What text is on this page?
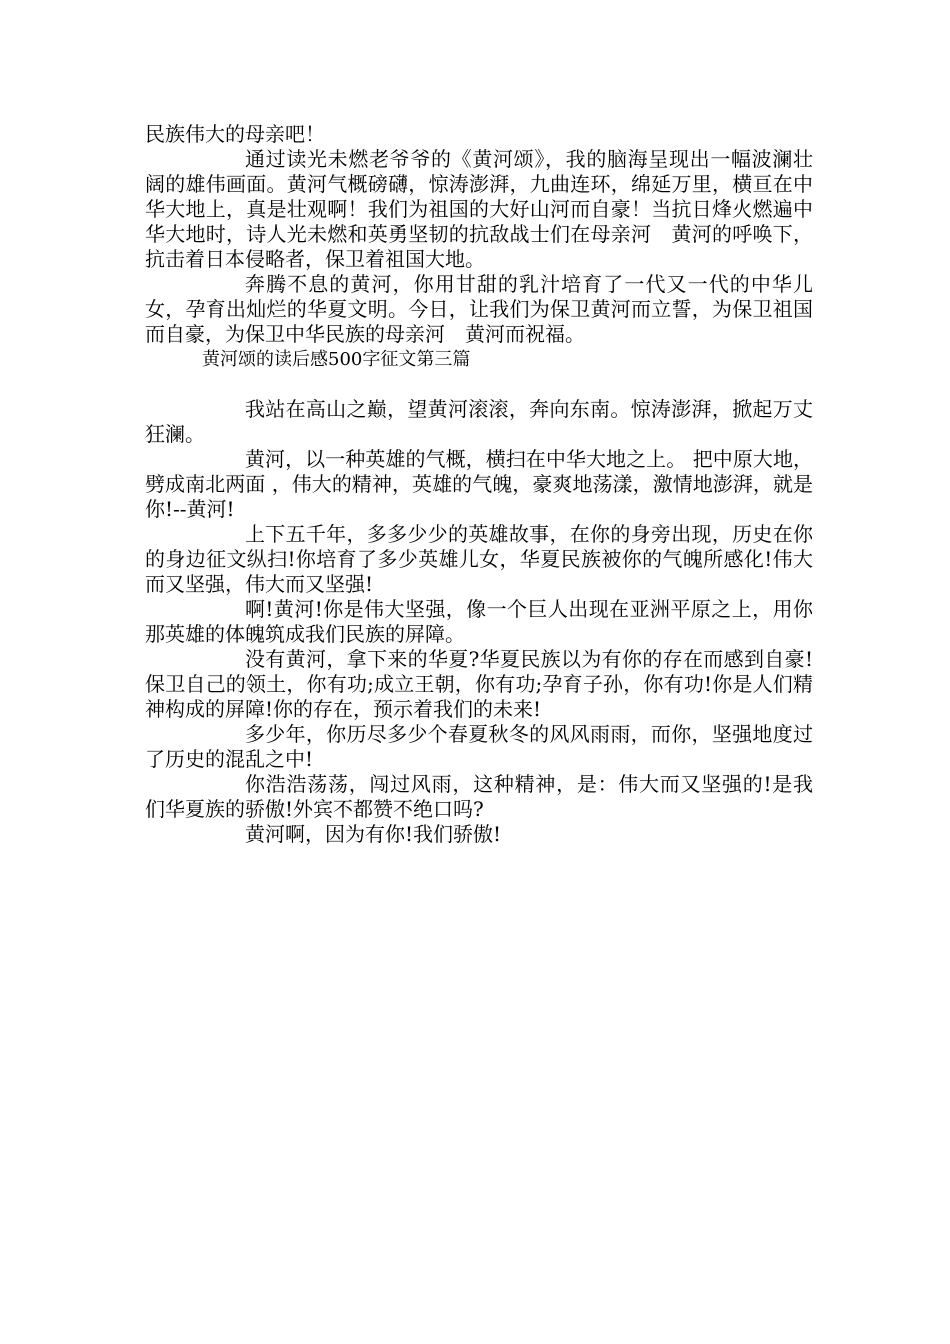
民族伟大的母亲吧！

通过读光未燃老爷爷的《黄河颂》，我的脑海呈现出一幅波澜壮阔的雄伟画面。黄河气概磅礴，惊涛澎湃，九曲连环，绵延万里，横亘在中华大地上，真是壮观啊！我们为祖国的大好山河而自豪！当抗日烽火燃遍中华大地时，诗人光未燃和英勇坚韧的抗敌战士们在母亲河　黄河的呼唤下，抗击着日本侵略者，保卫着祖国大地。

奔腾不息的黄河，你用甘甜的乳汁培育了一代又一代的中华儿女，孕育出灿烂的华夏文明。今日，让我们为保卫黄河而立誓，为保卫祖国而自豪，为保卫中华民族的母亲河　黄河而祝福。

黄河颂的读后感500字征文第三篇

我站在高山之巅，望黄河滚滚，奔向东南。惊涛澎湃，掀起万丈狂澜。

黄河，以一种英雄的气概，横扫在中华大地之上。 把中原大地，劈成南北两面 ，伟大的精神，英雄的气魄，豪爽地荡漾，激情地澎湃，就是你!--黄河!

上下五千年，多多少少的英雄故事，在你的身旁出现，历史在你的身边征文纵扫!你培育了多少英雄儿女，华夏民族被你的气魄所感化!伟大而又坚强，伟大而又坚强!

啊!黄河!你是伟大坚强，像一个巨人出现在亚洲平原之上，用你那英雄的体魄筑成我们民族的屏障。

没有黄河，拿下来的华夏?华夏民族以为有你的存在而感到自豪!保卫自己的领土，你有功;成立王朝，你有功;孕育子孙，你有功!你是人们精神构成的屏障!你的存在，预示着我们的未来!

多少年，你历尽多少个春夏秋冬的风风雨雨，而你，坚强地度过了历史的混乱之中!

你浩浩荡荡，闯过风雨，这种精神，是：伟大而又坚强的!是我们华夏族的骄傲!外宾不都赞不绝口吗?

黄河啊，因为有你!我们骄傲!
